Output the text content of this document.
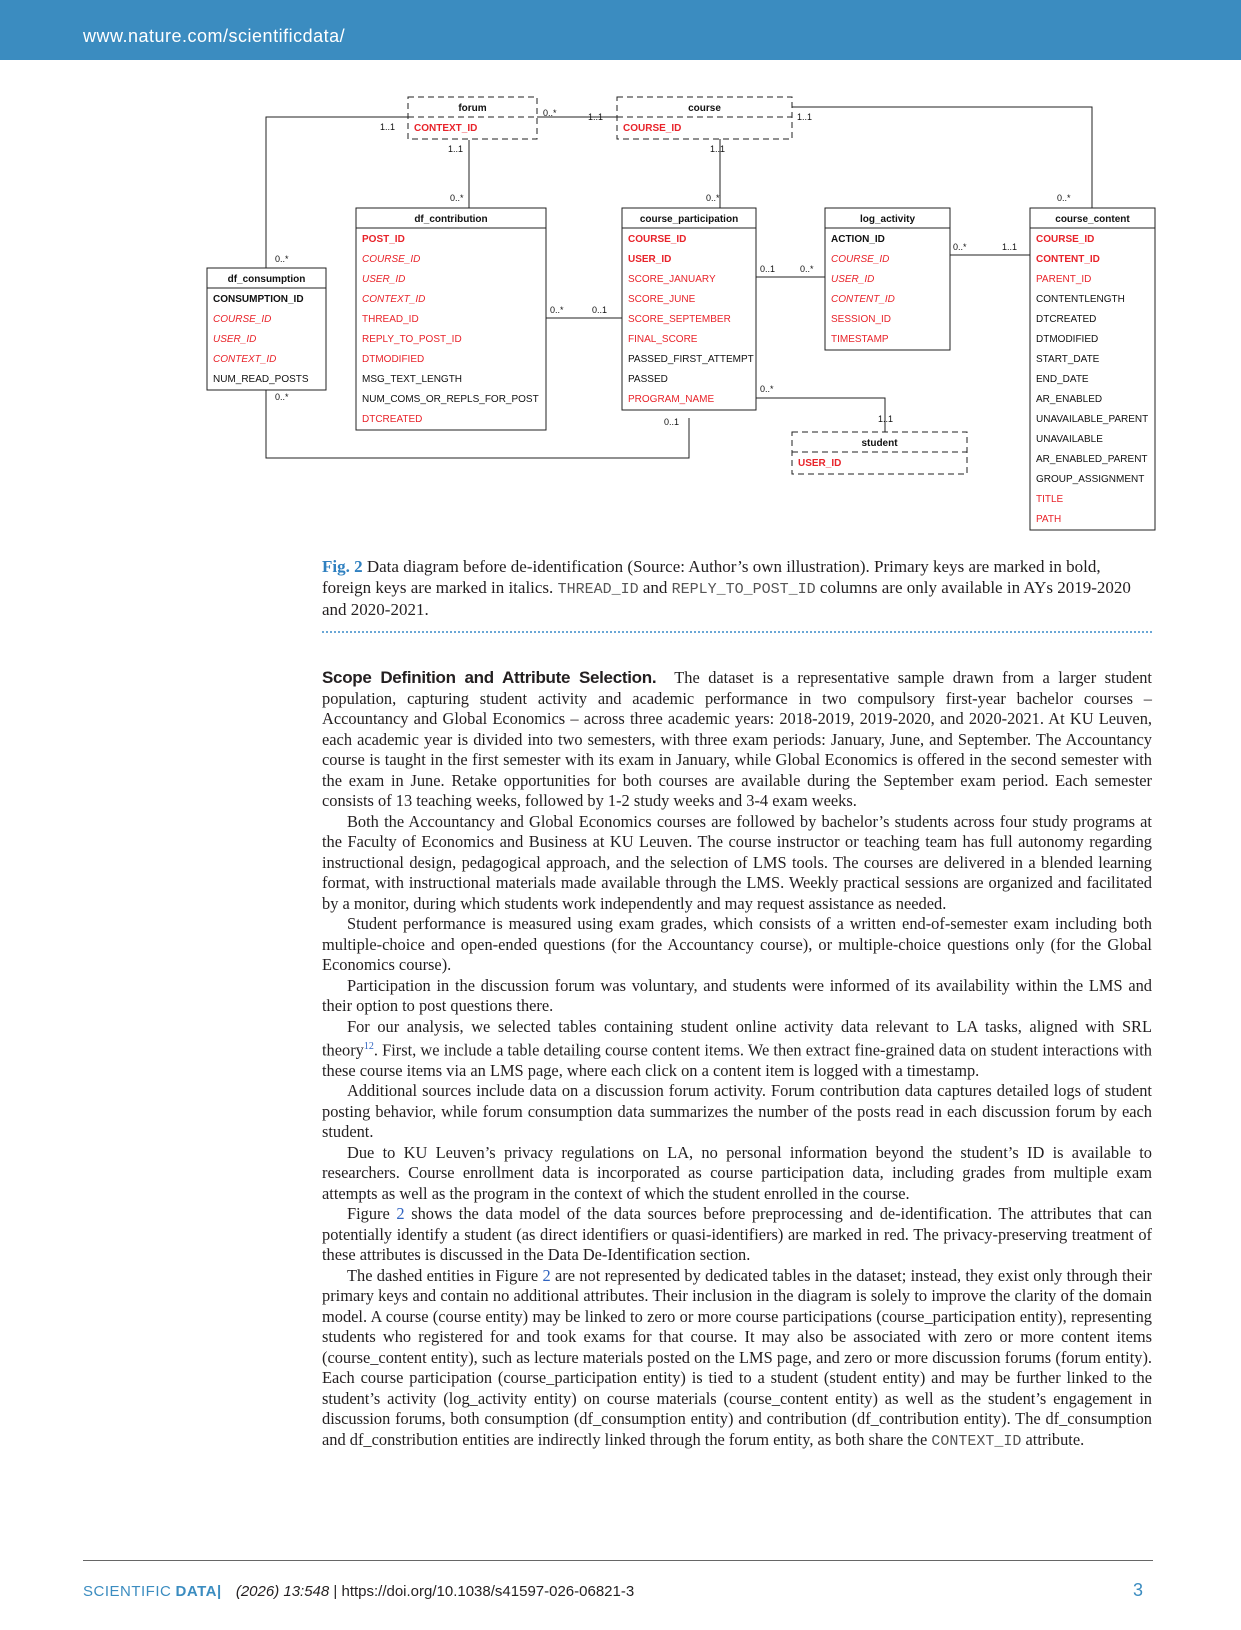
www.nature.com/scientificdata/
forum
CONTEXT_ID
course
COURSE_ID
student
USER_ID
df_consumption
CONSUMPTION_ID
COURSE_ID
USER_ID
CONTEXT_ID
NUM_READ_POSTS
df_contribution
POST_ID
COURSE_ID
USER_ID
CONTEXT_ID
THREAD_ID
REPLY_TO_POST_ID
DTMODIFIED
MSG_TEXT_LENGTH
NUM_COMS_OR_REPLS_FOR_POST
DTCREATED
course_participation
COURSE_ID
USER_ID
SCORE_JANUARY
SCORE_JUNE
SCORE_SEPTEMBER
FINAL_SCORE
PASSED_FIRST_ATTEMPT
PASSED
PROGRAM_NAME
log_activity
ACTION_ID
COURSE_ID
USER_ID
CONTENT_ID
SESSION_ID
TIMESTAMP
course_content
COURSE_ID
CONTENT_ID
PARENT_ID
CONTENTLENGTH
DTCREATED
DTMODIFIED
START_DATE
END_DATE
AR_ENABLED
UNAVAILABLE_PARENT
UNAVAILABLE
AR_ENABLED_PARENT
GROUP_ASSIGNMENT
TITLE
PATH
1..1
0..*	1..1	1..1
1..1
0..*
1..1
0..*	0..*
0..*
0..*
0..*	0..1
0..1	0..*
0..*	1..1
0..*
1..1
0..1
Fig. 2 Data diagram before de-identification (Source: Author’s own illustration). Primary keys are marked in bold, foreign keys are marked in italics. THREAD_ID and REPLY_TO_POST_ID columns are only available in AYs 2019-2020 and 2020-2021.

Scope Definition and Attribute Selection. The dataset is a representative sample drawn from a larger student population, capturing student activity and academic performance in two compulsory first-year bachelor courses – Accountancy and Global Economics – across three academic years: 2018-2019, 2019-2020, and 2020-2021. At KU Leuven, each academic year is divided into two semesters, with three exam periods: January, June, and September. The Accountancy course is taught in the first semester with its exam in January, while Global Economics is offered in the second semester with the exam in June. Retake opportunities for both courses are available during the September exam period. Each semester consists of 13 teaching weeks, followed by 1-2 study weeks and 3-4 exam weeks.

Both the Accountancy and Global Economics courses are followed by bachelor’s students across four study programs at the Faculty of Economics and Business at KU Leuven. The course instructor or teaching team has full autonomy regarding instructional design, pedagogical approach, and the selection of LMS tools. The courses are delivered in a blended learning format, with instructional materials made available through the LMS. Weekly practical sessions are organized and facilitated by a monitor, during which students work independently and may request assistance as needed.

Student performance is measured using exam grades, which consists of a written end-of-semester exam including both multiple-choice and open-ended questions (for the Accountancy course), or multiple-choice questions only (for the Global Economics course).

Participation in the discussion forum was voluntary, and students were informed of its availability within the LMS and their option to post questions there.

For our analysis, we selected tables containing student online activity data relevant to LA tasks, aligned with SRL theory$^{12}$. First, we include a table detailing course content items. We then extract fine-grained data on student interactions with these course items via an LMS page, where each click on a content item is logged with a timestamp.

Additional sources include data on a discussion forum activity. Forum contribution data captures detailed logs of student posting behavior, while forum consumption data summarizes the number of the posts read in each discussion forum by each student.

Due to KU Leuven’s privacy regulations on LA, no personal information beyond the student’s ID is available to researchers. Course enrollment data is incorporated as course participation data, including grades from multiple exam attempts as well as the program in the context of which the student enrolled in the course.

Figure 2 shows the data model of the data sources before preprocessing and de-identification. The attributes that can potentially identify a student (as direct identifiers or quasi-identifiers) are marked in red. The privacy-preserving treatment of these attributes is discussed in the Data De-Identification section.

The dashed entities in Figure 2 are not represented by dedicated tables in the dataset; instead, they exist only through their primary keys and contain no additional attributes. Their inclusion in the diagram is solely to improve the clarity of the domain model. A course (course entity) may be linked to zero or more course participations (course_participation entity), representing students who registered for and took exams for that course. It may also be associated with zero or more content items (course_content entity), such as lecture materials posted on the LMS page, and zero or more discussion forums (forum entity). Each course participation (course_participation entity) is tied to a student (student entity) and may be further linked to the student’s activity (log_activity entity) on course materials (course_content entity) as well as the student’s engagement in discussion forums, both consumption (df_consumption entity) and contribution (df_contribution entity). The df_consumption and df_constribution entities are indirectly linked through the forum entity, as both share the CONTEXT_ID attribute.

SCIENTIFIC DATA| (2026) 13:548 | https://doi.org/10.1038/s41597-026-06821-3	3
